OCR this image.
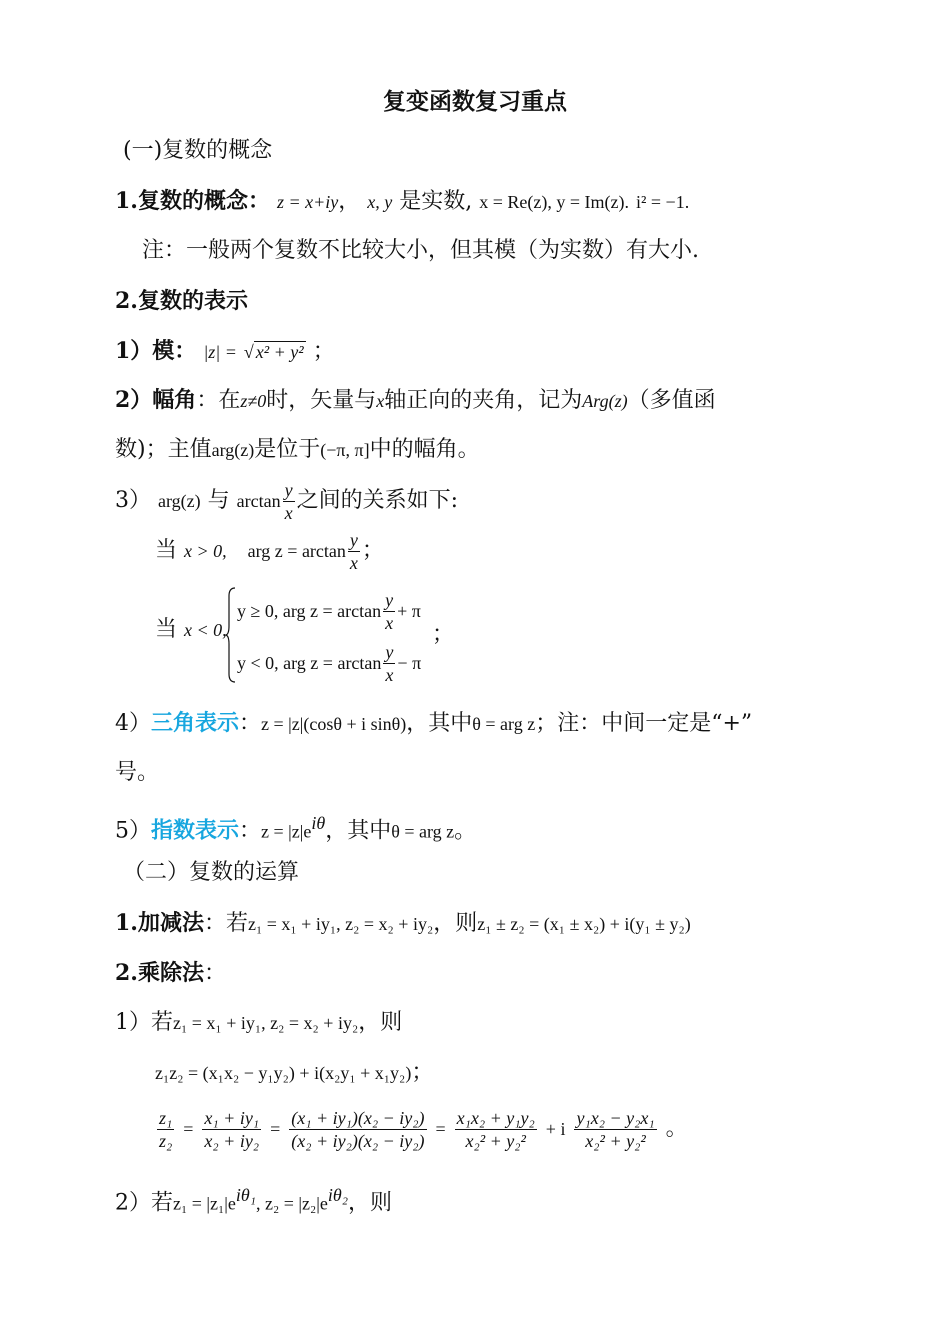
复变函数复习重点
(一)复数的概念
1.复数的概念： z = x+iy， x, y 是实数, x = Re(z), y = Im(z). i² = −1.
注：一般两个复数不比较大小，但其模（为实数）有大小.
2.复数的表示
1）模： |z| = √ x² + y² ；
2）幅角：在z≠0时，矢量与x轴正向的夹角，记为Arg(z)（多值函
数)；主值arg(z)是位于(−π, π]中的幅角。
3） arg(z) 与 $\arctan \frac{y}{x}$ 之间的关系如下:
当 x > 0, arg $z = \arctan \frac{y}{x}$ ；
当 x < 0,
y ≥ 0, arg $z = \arctan \frac{y}{x} + \pi$
y < 0, arg $z = \arctan \frac{y}{x} - \pi$
；
4）三角表示：z = |z|(cosθ + i sinθ)，其中θ = arg z；注：中间一定是“+”
号。
5）指数表示：$z = |z|e^{i\theta}$，其中θ = arg z。
（二）复数的运算
1.加减法：若z₁ = x₁ + iy₁, z₂ = x₂ + iy₂，则z₁ ± z₂ = (x₁ ± x₂) + i(y₁ ± y₂)
2.乘除法：
1）若z₁ = x₁ + iy₁, z₂ = x₂ + iy₂，则
z₁z₂ = (x₁x₂ − y₁y₂) + i(x₂y₁ + x₁y₂)；
$\frac{\text{z₁}}{\text{z₂}} = \frac{\text{x₁ + iy₁}}{\text{x₂ + iy₂}} = \frac{\text{(x₁ + iy₁)(x₂ − iy₂)}}{\text{(x₂ + iy₂)(x₂ − iy₂)}} = \frac{\text{x₁x₂ + y₁y₂}}{\text{x₂² + y₂²}} + i \frac{\text{y₁x₂ − y₂x₁}}{\text{x₂² + y₂²}}$ 。
2）若$z_1 = |z_1|e^{i\theta_1}$, $z_2 = |z_2|e^{i\theta_2}$，则
